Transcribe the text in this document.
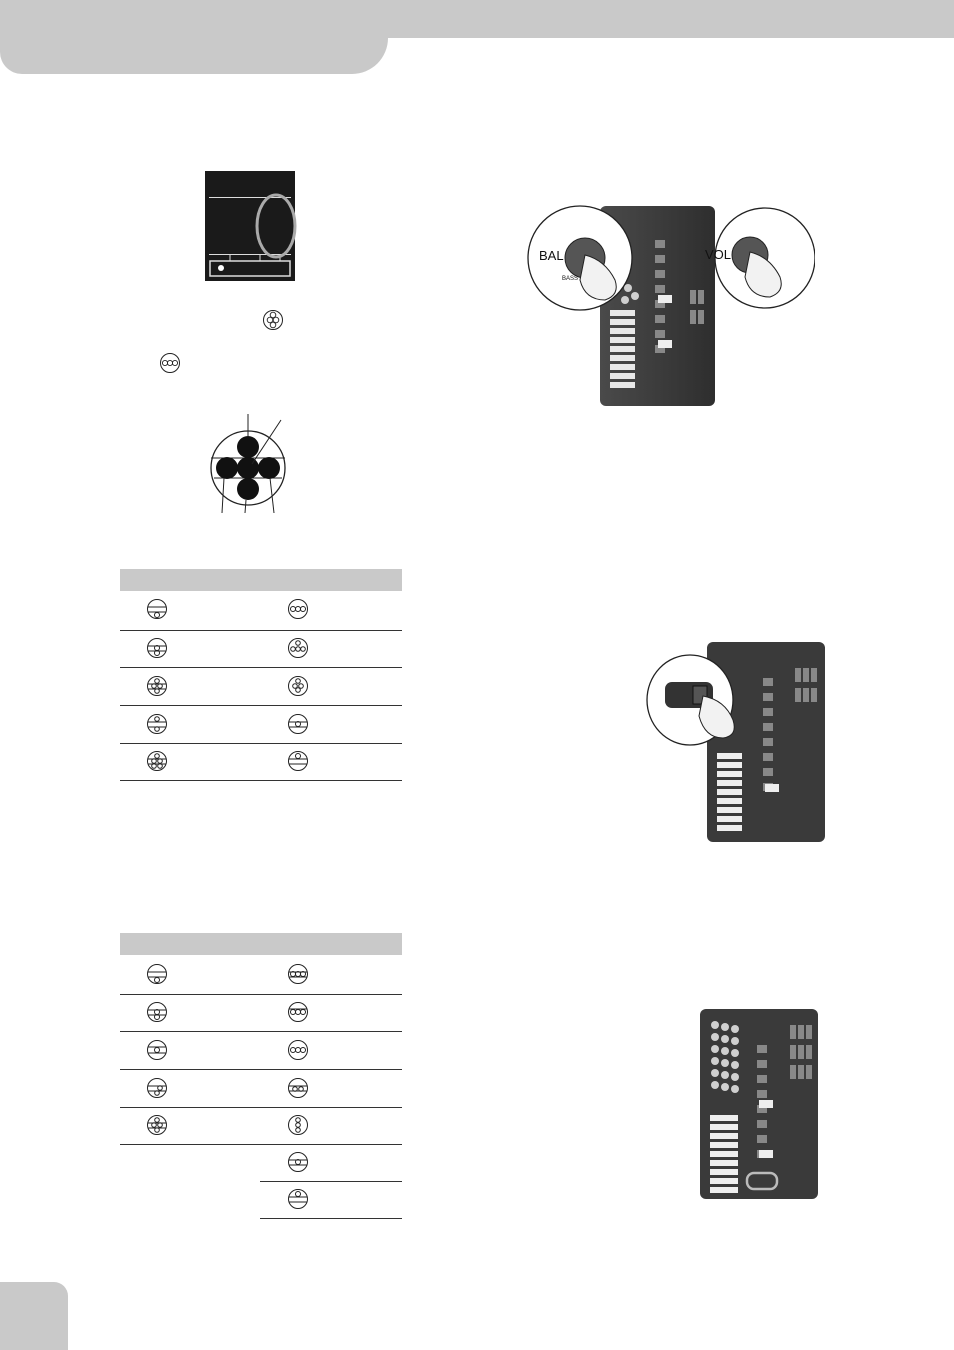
BAL
BASS
VOL
